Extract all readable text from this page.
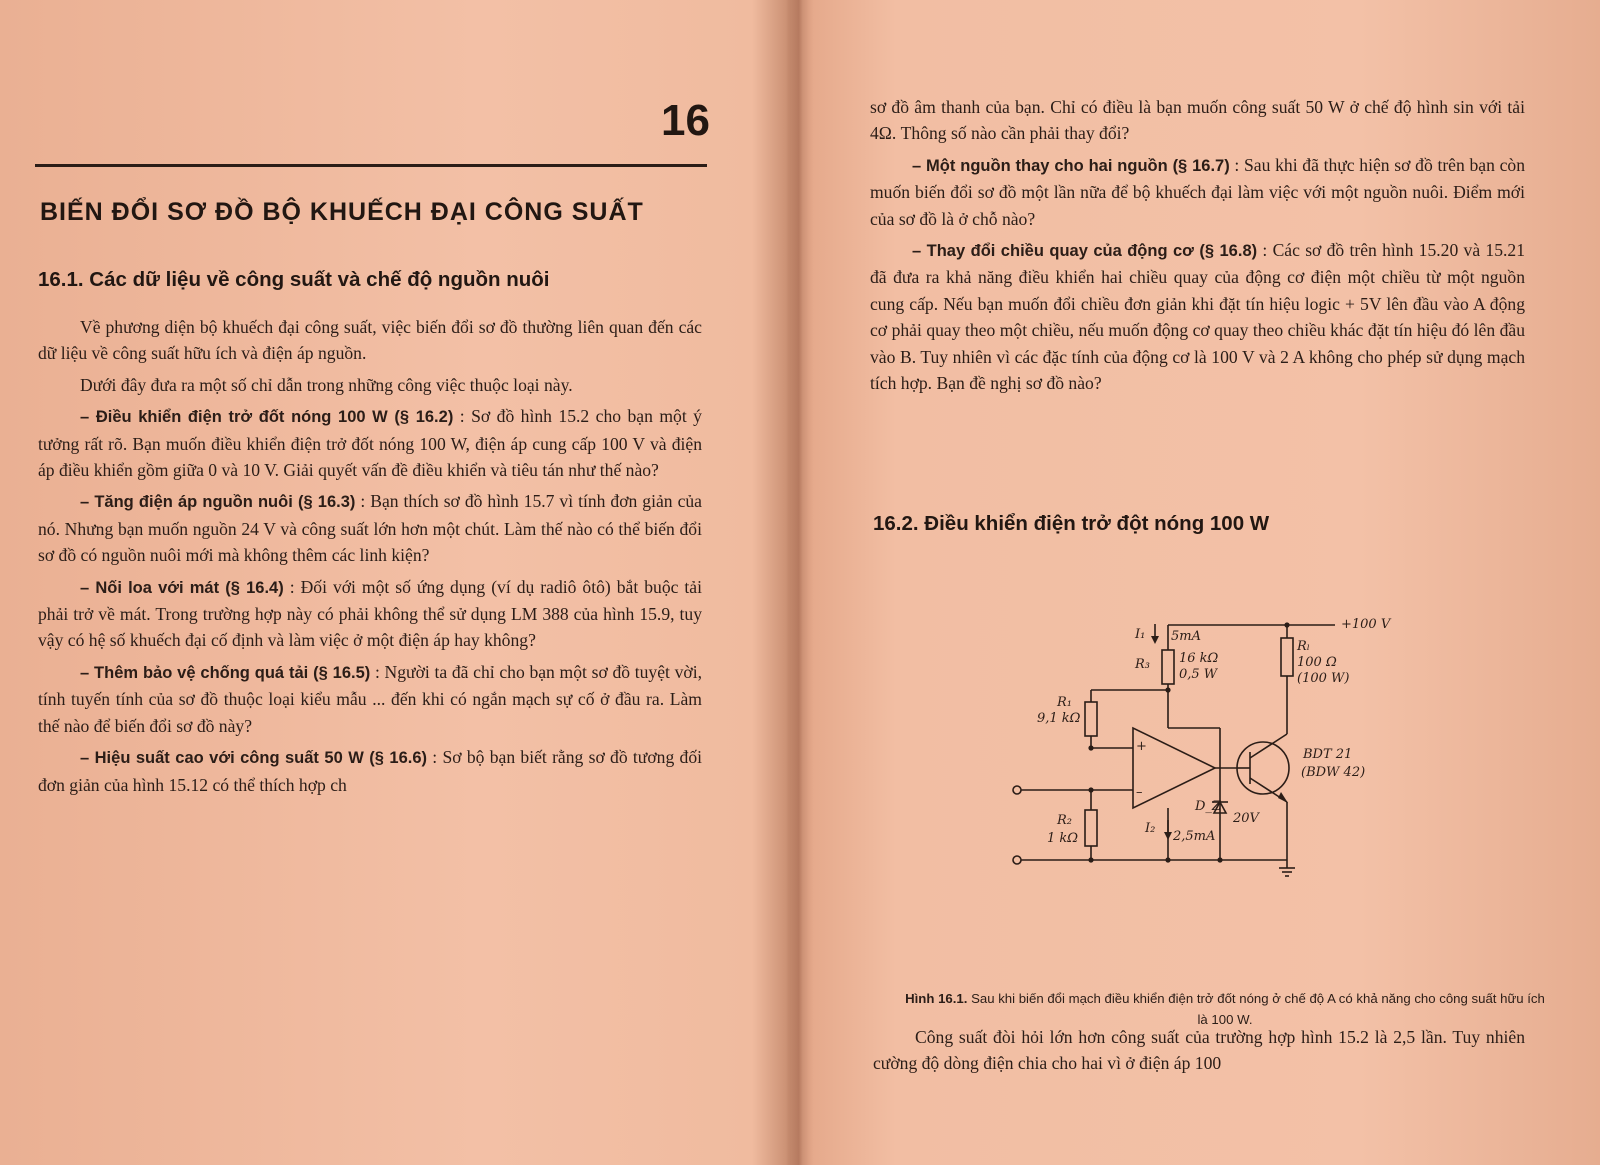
16
BIẾN ĐỔI SƠ ĐỒ BỘ KHUẾCH ĐẠI CÔNG SUẤT
16.1. Các dữ liệu về công suất và chế độ nguồn nuôi

Về phương diện bộ khuếch đại công suất, việc biến đổi sơ đồ thường liên quan đến các dữ liệu về công suất hữu ích và điện áp nguồn.

Dưới đây đưa ra một số chỉ dẫn trong những công việc thuộc loại này.

– Điều khiển điện trở đốt nóng 100 W (§ 16.2) : Sơ đồ hình 15.2 cho bạn một ý tưởng rất rõ. Bạn muốn điều khiển điện trở đốt nóng 100 W, điện áp cung cấp 100 V và điện áp điều khiển gồm giữa 0 và 10 V. Giải quyết vấn đề điều khiển và tiêu tán như thế nào?

– Tăng điện áp nguồn nuôi (§ 16.3) : Bạn thích sơ đồ hình 15.7 vì tính đơn giản của nó. Nhưng bạn muốn nguồn 24 V và công suất lớn hơn một chút. Làm thế nào có thể biến đổi sơ đồ có nguồn nuôi mới mà không thêm các linh kiện?

– Nối loa với mát (§ 16.4) : Đối với một số ứng dụng (ví dụ radiô ôtô) bắt buộc tải phải trở về mát. Trong trường hợp này có phải không thể sử dụng LM 388 của hình 15.9, tuy vậy có hệ số khuếch đại cố định và làm việc ở một điện áp hay không?

– Thêm bảo vệ chống quá tải (§ 16.5) : Người ta đã chỉ cho bạn một sơ đồ tuyệt vời, tính tuyến tính của sơ đồ thuộc loại kiểu mẫu ... đến khi có ngắn mạch sự cố ở đầu ra. Làm thế nào để biến đổi sơ đồ này?

– Hiệu suất cao với công suất 50 W (§ 16.6) : Sơ bộ bạn biết rằng sơ đồ tương đối đơn giản của hình 15.12 có thể thích hợp ch

sơ đồ âm thanh của bạn. Chỉ có điều là bạn muốn công suất 50 W ở chế độ hình sin với tải 4Ω. Thông số nào cần phải thay đổi?

– Một nguồn thay cho hai nguồn (§ 16.7) : Sau khi đã thực hiện sơ đồ trên bạn còn muốn biến đổi sơ đồ một lần nữa để bộ khuếch đại làm việc với một nguồn nuôi. Điểm mới của sơ đồ là ở chỗ nào?

– Thay đổi chiều quay của động cơ (§ 16.8) : Các sơ đồ trên hình 15.20 và 15.21 đã đưa ra khả năng điều khiển hai chiều quay của động cơ điện một chiều từ một nguồn cung cấp. Nếu bạn muốn đổi chiều đơn giản khi đặt tín hiệu logic + 5V lên đầu vào A động cơ phải quay theo một chiều, nếu muốn động cơ quay theo chiều khác đặt tín hiệu đó lên đầu vào B. Tuy nhiên vì các đặc tính của động cơ là 100 V và 2 A không cho phép sử dụng mạch tích hợp. Bạn đề nghị sơ đồ nào?

16.2. Điều khiển điện trở đột nóng 100 W
+100 V
I₁ 5mA
R₃ 16 kΩ
0,5 W
Rₗ
100 Ω
(100 W)
R₁
9,1 kΩ
R₂
1 kΩ
I₂
2,5mA
D_Z
20V
BDT 21
(BDW 42)
+
–
Hình 16.1. Sau khi biến đổi mạch điều khiển điện trở đốt nóng ở chế độ A có khả năng cho công suất hữu ích là 100 W.

Công suất đòi hỏi lớn hơn công suất của trường hợp hình 15.2 là 2,5 lần. Tuy nhiên cường độ dòng điện chia cho hai vì ở điện áp 100
